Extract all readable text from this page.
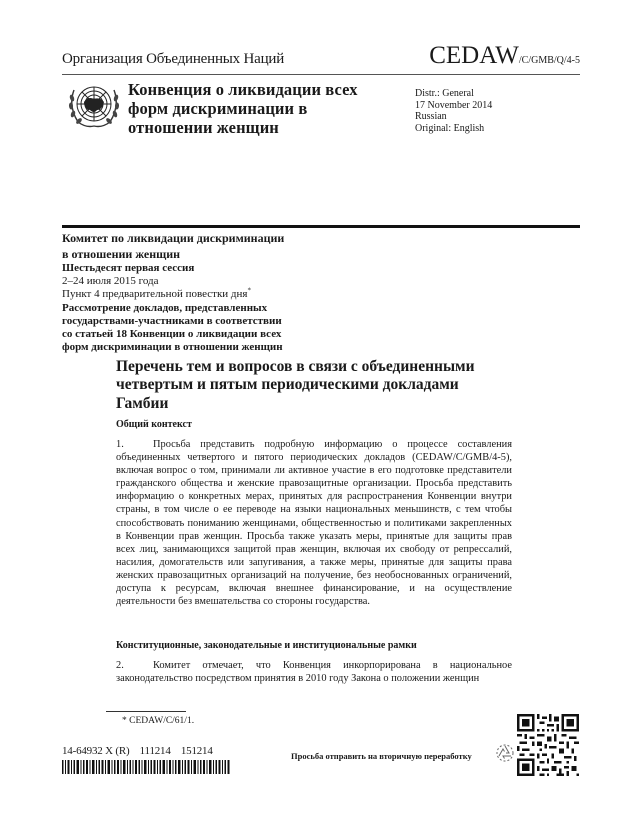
Организация Объединенных Наций	CEDAW/C/GMB/Q/4-5
Конвенция о ликвидации всех
форм дискриминации в
отношении женщин
Distr.: General
17 November 2014
Russian
Original: English
Комитет по ликвидации дискриминации
в отношении женщин
Шестьдесят первая сессия
2–24 июля 2015 года
Пункт 4 предварительной повестки дня*
Рассмотрение докладов, представленных
государствами-участниками в соответствии
со статьей 18 Конвенции о ликвидации всех
форм дискриминации в отношении женщин
Перечень тем и вопросов в связи с объединенными
четвертым и пятым периодическими докладами
Гамбии
Общий контекст
1.	Просьба представить подробную информацию о процессе составления объединенных четвертого и пятого периодических докладов (CEDAW/C/GMB/4-5), включая вопрос о том, принимали ли активное участие в его подготовке представители гражданского общества и женские правозащитные организации. Просьба представить информацию о конкретных мерах, принятых для распространения Конвенции внутри страны, в том числе о ее переводе на языки национальных меньшинств, с тем чтобы способствовать пониманию женщинами, общественностью и политиками закрепленных в Конвенции прав женщин. Просьба также указать меры, принятые для защиты прав всех лиц, занимающихся защитой прав женщин, включая их свободу от репрессалий, насилия, домогательств или запугивания, а также меры, принятые для защиты права женских правозащитных организаций на получение, без необоснованных ограничений, доступа к ресурсам, включая внешнее финансирование, и на осуществление деятельности без вмешательства со стороны государства.
Конституционные, законодательные и институциональные рамки
2.	Комитет отмечает, что Конвенция инкорпорирована в национальное законодательство посредством принятия в 2010 году Закона о положении женщин
* CEDAW/C/61/1.
14-64932 X (R)    111214    151214	Просьба отправить на вторичную переработку
